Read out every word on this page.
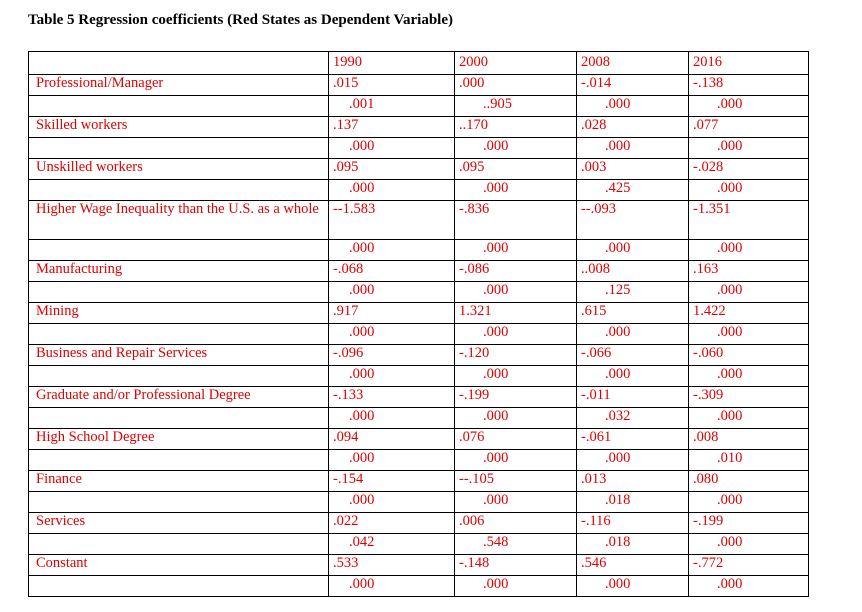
Table 5 Regression coefficients (Red States as Dependent Variable)
	1990	2000	2008	2016
Professional/Manager	.015	.000	-.014	-.138
	.001	..905	.000	.000
Skilled workers	.137	..170	.028	.077
	.000	.000	.000	.000
Unskilled workers	.095	.095	.003	-.028
	.000	.000	.425	.000
Higher Wage Inequality than the U.S. as a whole	--1.583	-.836	--.093	-1.351
	.000	.000	.000	.000
Manufacturing	-.068	-.086	..008	.163
	.000	.000	.125	.000
Mining	.917	1.321	.615	1.422
	.000	.000	.000	.000
Business and Repair Services	-.096	-.120	-.066	-.060
	.000	.000	.000	.000
Graduate and/or Professional Degree	-.133	-.199	-.011	-.309
	.000	.000	.032	.000
High School Degree	.094	.076	-.061	.008
	.000	.000	.000	.010
Finance	-.154	--.105	.013	.080
	.000	.000	.018	.000
Services	.022	.006	-.116	-.199
	.042	.548	.018	.000
Constant	.533	-.148	.546	-.772
	.000	.000	.000	.000
